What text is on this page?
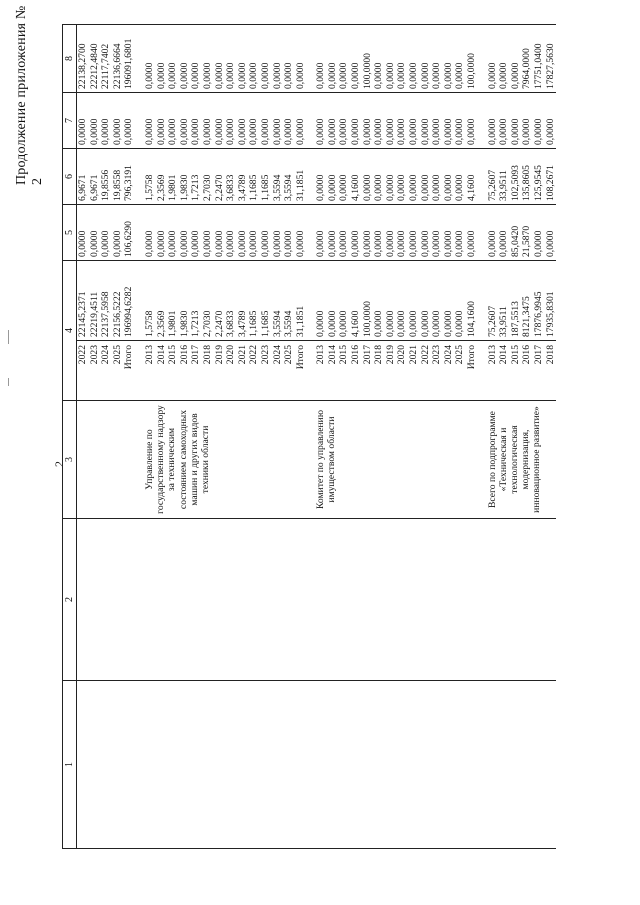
2
Продолжение приложения № 2
1	2	3	4		5	6	7	8
			2022	22145,2371	0,0000	6,9671	0,0000	22138,2700
			2023	22219,4511	0,0000	6,9671	0,0000	22212,4840
			2024	22137,5958	0,0000	19,8556	0,0000	22117,7402
			2025	22156,5222	0,0000	19,8558	0,0000	22136,6664
			Итого	196994,6282	106,6290	796,3191	0,0000	196091,6801

		Управление по государственному надзору за техническим состоянием самоходных машин и других видов техники области	2013	1,5758	0,0000	1,5758	0,0000	0,0000
			2014	2,3569	0,0000	2,3569	0,0000	0,0000
			2015	1,9801	0,0000	1,9801	0,0000	0,0000
			2016	1,9830	0,0000	1,9830	0,0000	0,0000
			2017	1,7213	0,0000	1,7213	0,0000	0,0000
			2018	2,7030	0,0000	2,7030	0,0000	0,0000
			2019	2,2470	0,0000	2,2470	0,0000	0,0000
			2020	3,6833	0,0000	3,6833	0,0000	0,0000
			2021	3,4789	0,0000	3,4789	0,0000	0,0000
			2022	1,1685	0,0000	1,1685	0,0000	0,0000
			2023	1,1685	0,0000	1,1685	0,0000	0,0000
			2024	3,5594	0,0000	3,5594	0,0000	0,0000
			2025	3,5594	0,0000	3,5594	0,0000	0,0000
			Итого	31,1851	0,0000	31,1851	0,0000	0,0000

		Комитет по управлению имуществом области	2013	0,0000	0,0000	0,0000	0,0000	0,0000
			2014	0,0000	0,0000	0,0000	0,0000	0,0000
			2015	0,0000	0,0000	0,0000	0,0000	0,0000
			2016	4,1600	0,0000	4,1600	0,0000	0,0000
			2017	100,0000	0,0000	0,0000	0,0000	100,0000
			2018	0,0000	0,0000	0,0000	0,0000	0,0000
			2019	0,0000	0,0000	0,0000	0,0000	0,0000
			2020	0,0000	0,0000	0,0000	0,0000	0,0000
			2021	0,0000	0,0000	0,0000	0,0000	0,0000
			2022	0,0000	0,0000	0,0000	0,0000	0,0000
			2023	0,0000	0,0000	0,0000	0,0000	0,0000
			2024	0,0000	0,0000	0,0000	0,0000	0,0000
			2025	0,0000	0,0000	0,0000	0,0000	0,0000
			Итого	104,1600	0,0000	4,1600	0,0000	100,0000

		Всего по подпрограмме «Техническая и технологическая модернизация, инновационное развитие»	2013	75,2607	0,0000	75,2607	0,0000	0,0000
			2014	33,9511	0,0000	33,9511	0,0000	0,0000
			2015	187,5513	85,0420	102,5093	0,0000	0,0000
			2016	8121,3475	21,5870	135,8605	0,0000	7964,0000
			2017	17876,9945	0,0000	125,9545	0,0000	17751,0400
			2018	17935,8301	0,0000	108,2671	0,0000	17827,5630
